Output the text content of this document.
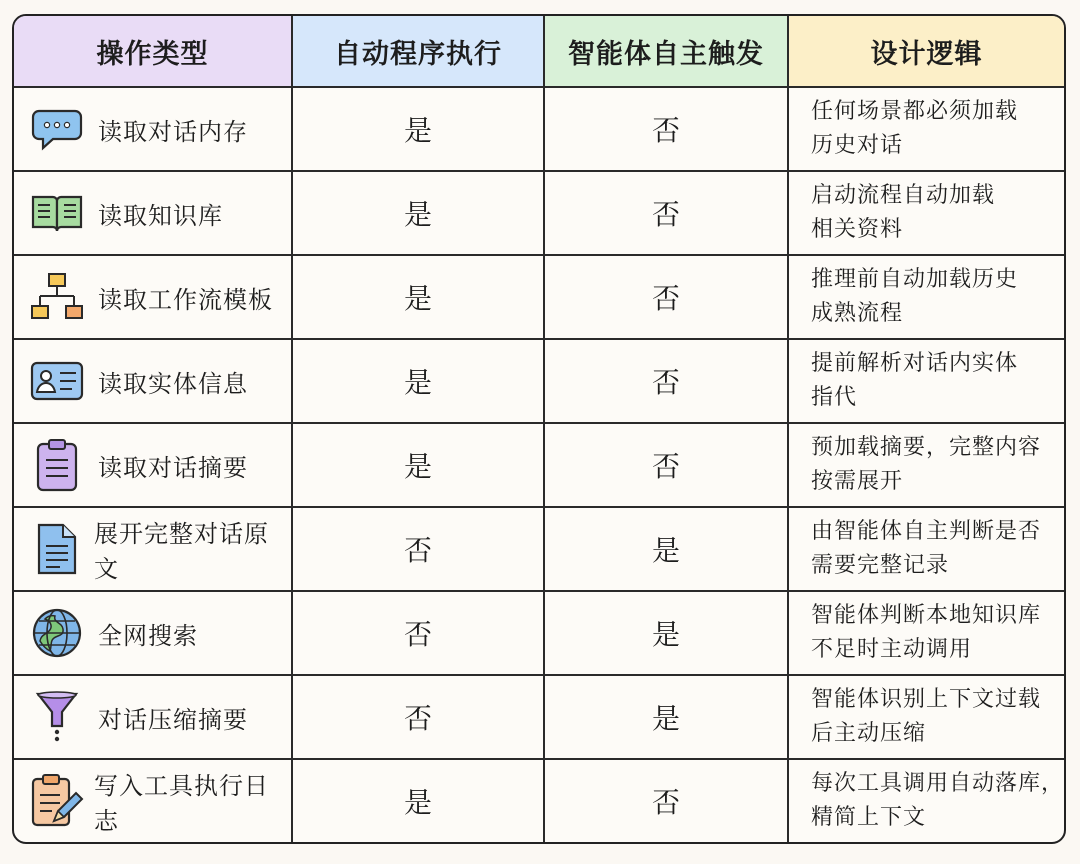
操作类型	自动程序执行	智能体自主触发	设计逻辑

读取对话内存	是	否	任何场景都必须加载
历史对话

读取知识库	是	否	启动流程自动加载
相关资料

读取工作流模板	是	否	推理前自动加载历史
成熟流程

读取实体信息	是	否	提前解析对话内实体
指代

读取对话摘要	是	否	预加载摘要，完整内容
按需展开

展开完整对话原文	否	是	由智能体自主判断是否
需要完整记录

全网搜索	否	是	智能体判断本地知识库
不足时主动调用

对话压缩摘要	否	是	智能体识别上下文过载
后主动压缩

写入工具执行日志	是	否	每次工具调用自动落库，
精简上下文
